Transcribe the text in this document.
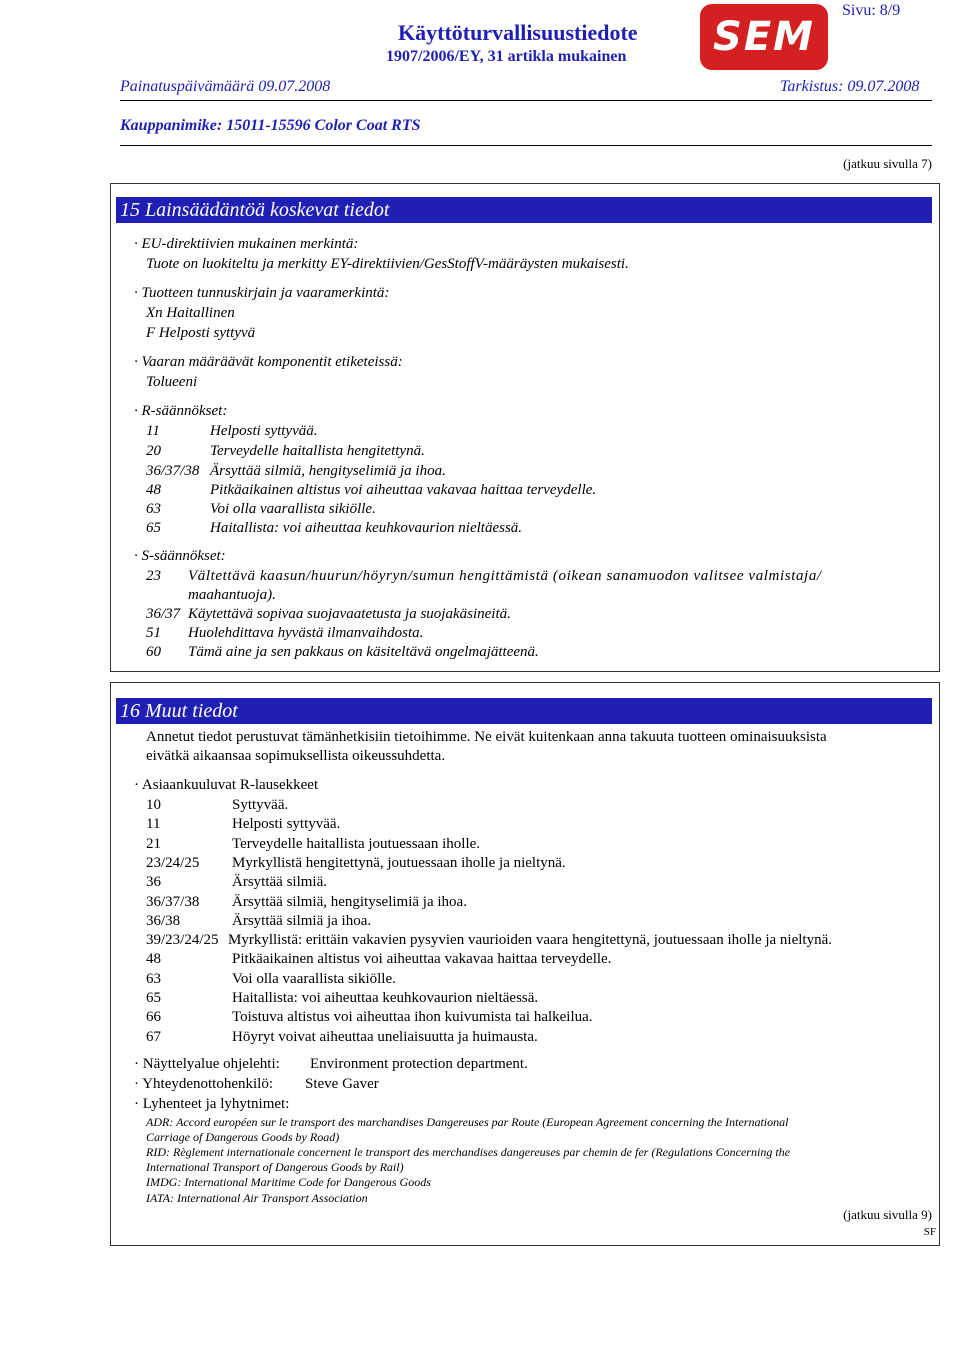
Sivu: 8/9
Käyttöturvallisuustiedote
1907/2006/EY, 31 artikla mukainen	SEM
Painatuspäivämäärä 09.07.2008	Tarkistus: 09.07.2008
Kauppanimike: 15011-15596 Color Coat RTS
(jatkuu sivulla 7)
15 Lainsäädäntöä koskevat tiedot
· EU-direktiivien mukainen merkintä:
Tuote on luokiteltu ja merkitty EY-direktiivien/GesStoffV-määräysten mukaisesti.
· Tuotteen tunnuskirjain ja vaaramerkintä:
Xn Haitallinen
F Helposti syttyvä
· Vaaran määräävät komponentit etiketeissä:
Tolueeni
· R-säännökset:
11	Helposti syttyvää.
20	Terveydelle haitallista hengitettynä.
36/37/38 Ärsyttää silmiä, hengityselimiä ja ihoa.
48	Pitkäaikainen altistus voi aiheuttaa vakavaa haittaa terveydelle.
63	Voi olla vaarallista sikiölle.
65	Haitallista: voi aiheuttaa keuhkovaurion nieltäessä.
· S-säännökset:
23 Vältettävä kaasun/huurun/höyryn/sumun hengittämistä (oikean sanamuodon valitsee valmistaja/
maahantuoja).
36/37 Käytettävä sopivaa suojavaatetusta ja suojakäsineitä.
51 Huolehdittava hyvästä ilmanvaihdosta.
60 Tämä aine ja sen pakkaus on käsiteltävä ongelmajätteenä.
16 Muut tiedot
Annetut tiedot perustuvat tämänhetkisiin tietoihimme. Ne eivät kuitenkaan anna takuuta tuotteen ominaisuuksista
eivätkä aikaansaa sopimuksellista oikeussuhdetta.
· Asiaankuuluvat R-lausekkeet
10	Syttyvää.
11	Helposti syttyvää.
21	Terveydelle haitallista joutuessaan iholle.
23/24/25 Myrkyllistä hengitettynä, joutuessaan iholle ja nieltynä.
36	Ärsyttää silmiä.
36/37/38 Ärsyttää silmiä, hengityselimiä ja ihoa.
36/38	Ärsyttää silmiä ja ihoa.
39/23/24/25 Myrkyllistä: erittäin vakavien pysyvien vaurioiden vaara hengitettynä, joutuessaan iholle ja nieltynä.
48	Pitkäaikainen altistus voi aiheuttaa vakavaa haittaa terveydelle.
63	Voi olla vaarallista sikiölle.
65	Haitallista: voi aiheuttaa keuhkovaurion nieltäessä.
66	Toistuva altistus voi aiheuttaa ihon kuivumista tai halkeilua.
67	Höyryt voivat aiheuttaa uneliaisuutta ja huimausta.
· Näyttelyalue ohjelehti: Environment protection department.
· Yhteydenottohenkilö: Steve Gaver
· Lyhenteet ja lyhytnimet:
ADR: Accord européen sur le transport des marchandises Dangereuses par Route (European Agreement concerning the International
Carriage of Dangerous Goods by Road)
RID: Règlement internationale concernent le transport des merchandises dangereuses par chemin de fer (Regulations Concerning the
International Transport of Dangerous Goods by Rail)
IMDG: International Maritime Code for Dangerous Goods
IATA: International Air Transport Association
(jatkuu sivulla 9)
SF
